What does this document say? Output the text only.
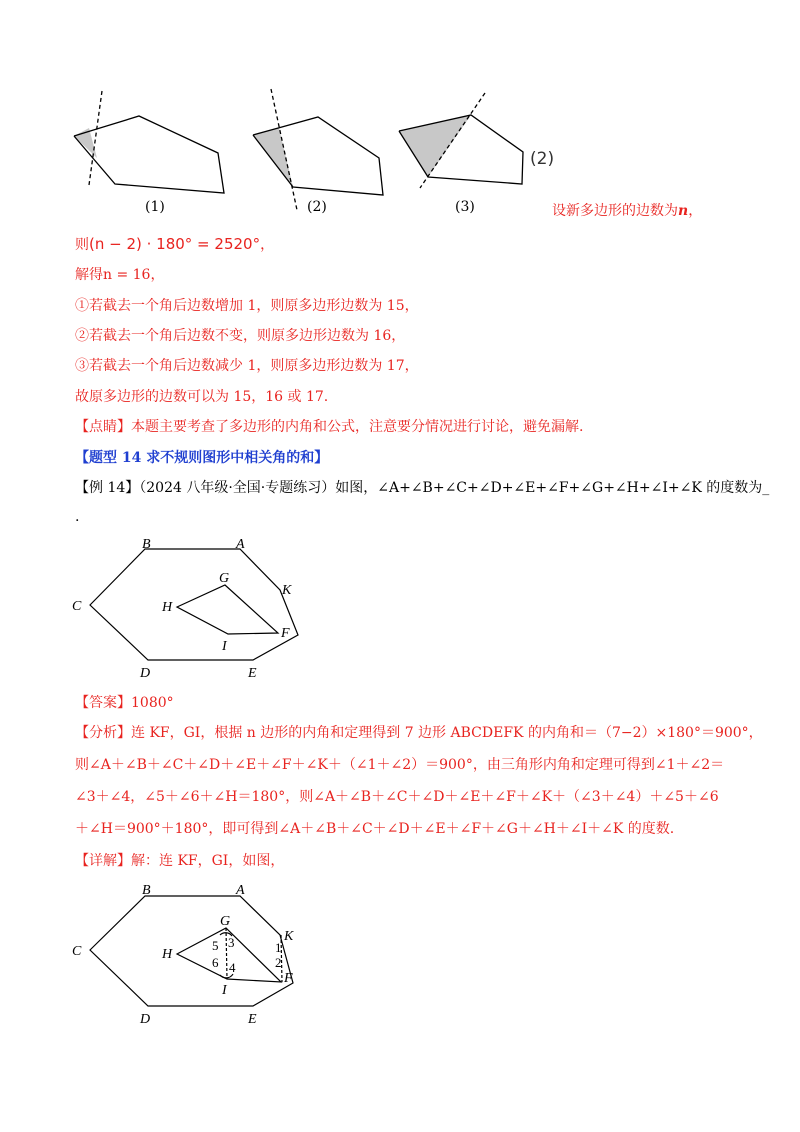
(1)	(2)	(3)
(2)
设新多边形的边数为n，
则(n − 2) · 180° = 2520°，
解得n = 16，
①若截去一个角后边数增加 1，则原多边形边数为 15，
②若截去一个角后边数不变，则原多边形边数为 16，
③若截去一个角后边数减少 1，则原多边形边数为 17，
故原多边形的边数可以为 15，16 或 17.
【点睛】本题主要考查了多边形的内角和公式，注意要分情况进行讨论，避免漏解.
【题型 14 求不规则图形中相关角的和】
【例 14】（2024 八年级·全国·专题练习）如图，∠A+∠B+∠C+∠D+∠E+∠F+∠G+∠H+∠I+∠K 的度数为_
.
B	A
C
D	E
F
G
H
I
K
【答案】1080°
【分析】连 KF，GI，根据 n 边形的内角和定理得到 7 边形 ABCDEFK 的内角和＝（7−2）×180°＝900°，
则∠A＋∠B＋∠C＋∠D＋∠E＋∠F＋∠K＋（∠1＋∠2）＝900°，由三角形内角和定理可得到∠1＋∠2＝
∠3＋∠4，∠5＋∠6＋∠H＝180°，则∠A＋∠B＋∠C＋∠D＋∠E＋∠F＋∠K＋（∠3＋∠4）＋∠5＋∠6
＋∠H＝900°＋180°，即可得到∠A＋∠B＋∠C＋∠D＋∠E＋∠F＋∠G＋∠H＋∠I＋∠K 的度数.
【详解】解：连 KF，GI，如图，
B	A
C
D	E
F
G
H
I
K
1
2
3
4
5
6
